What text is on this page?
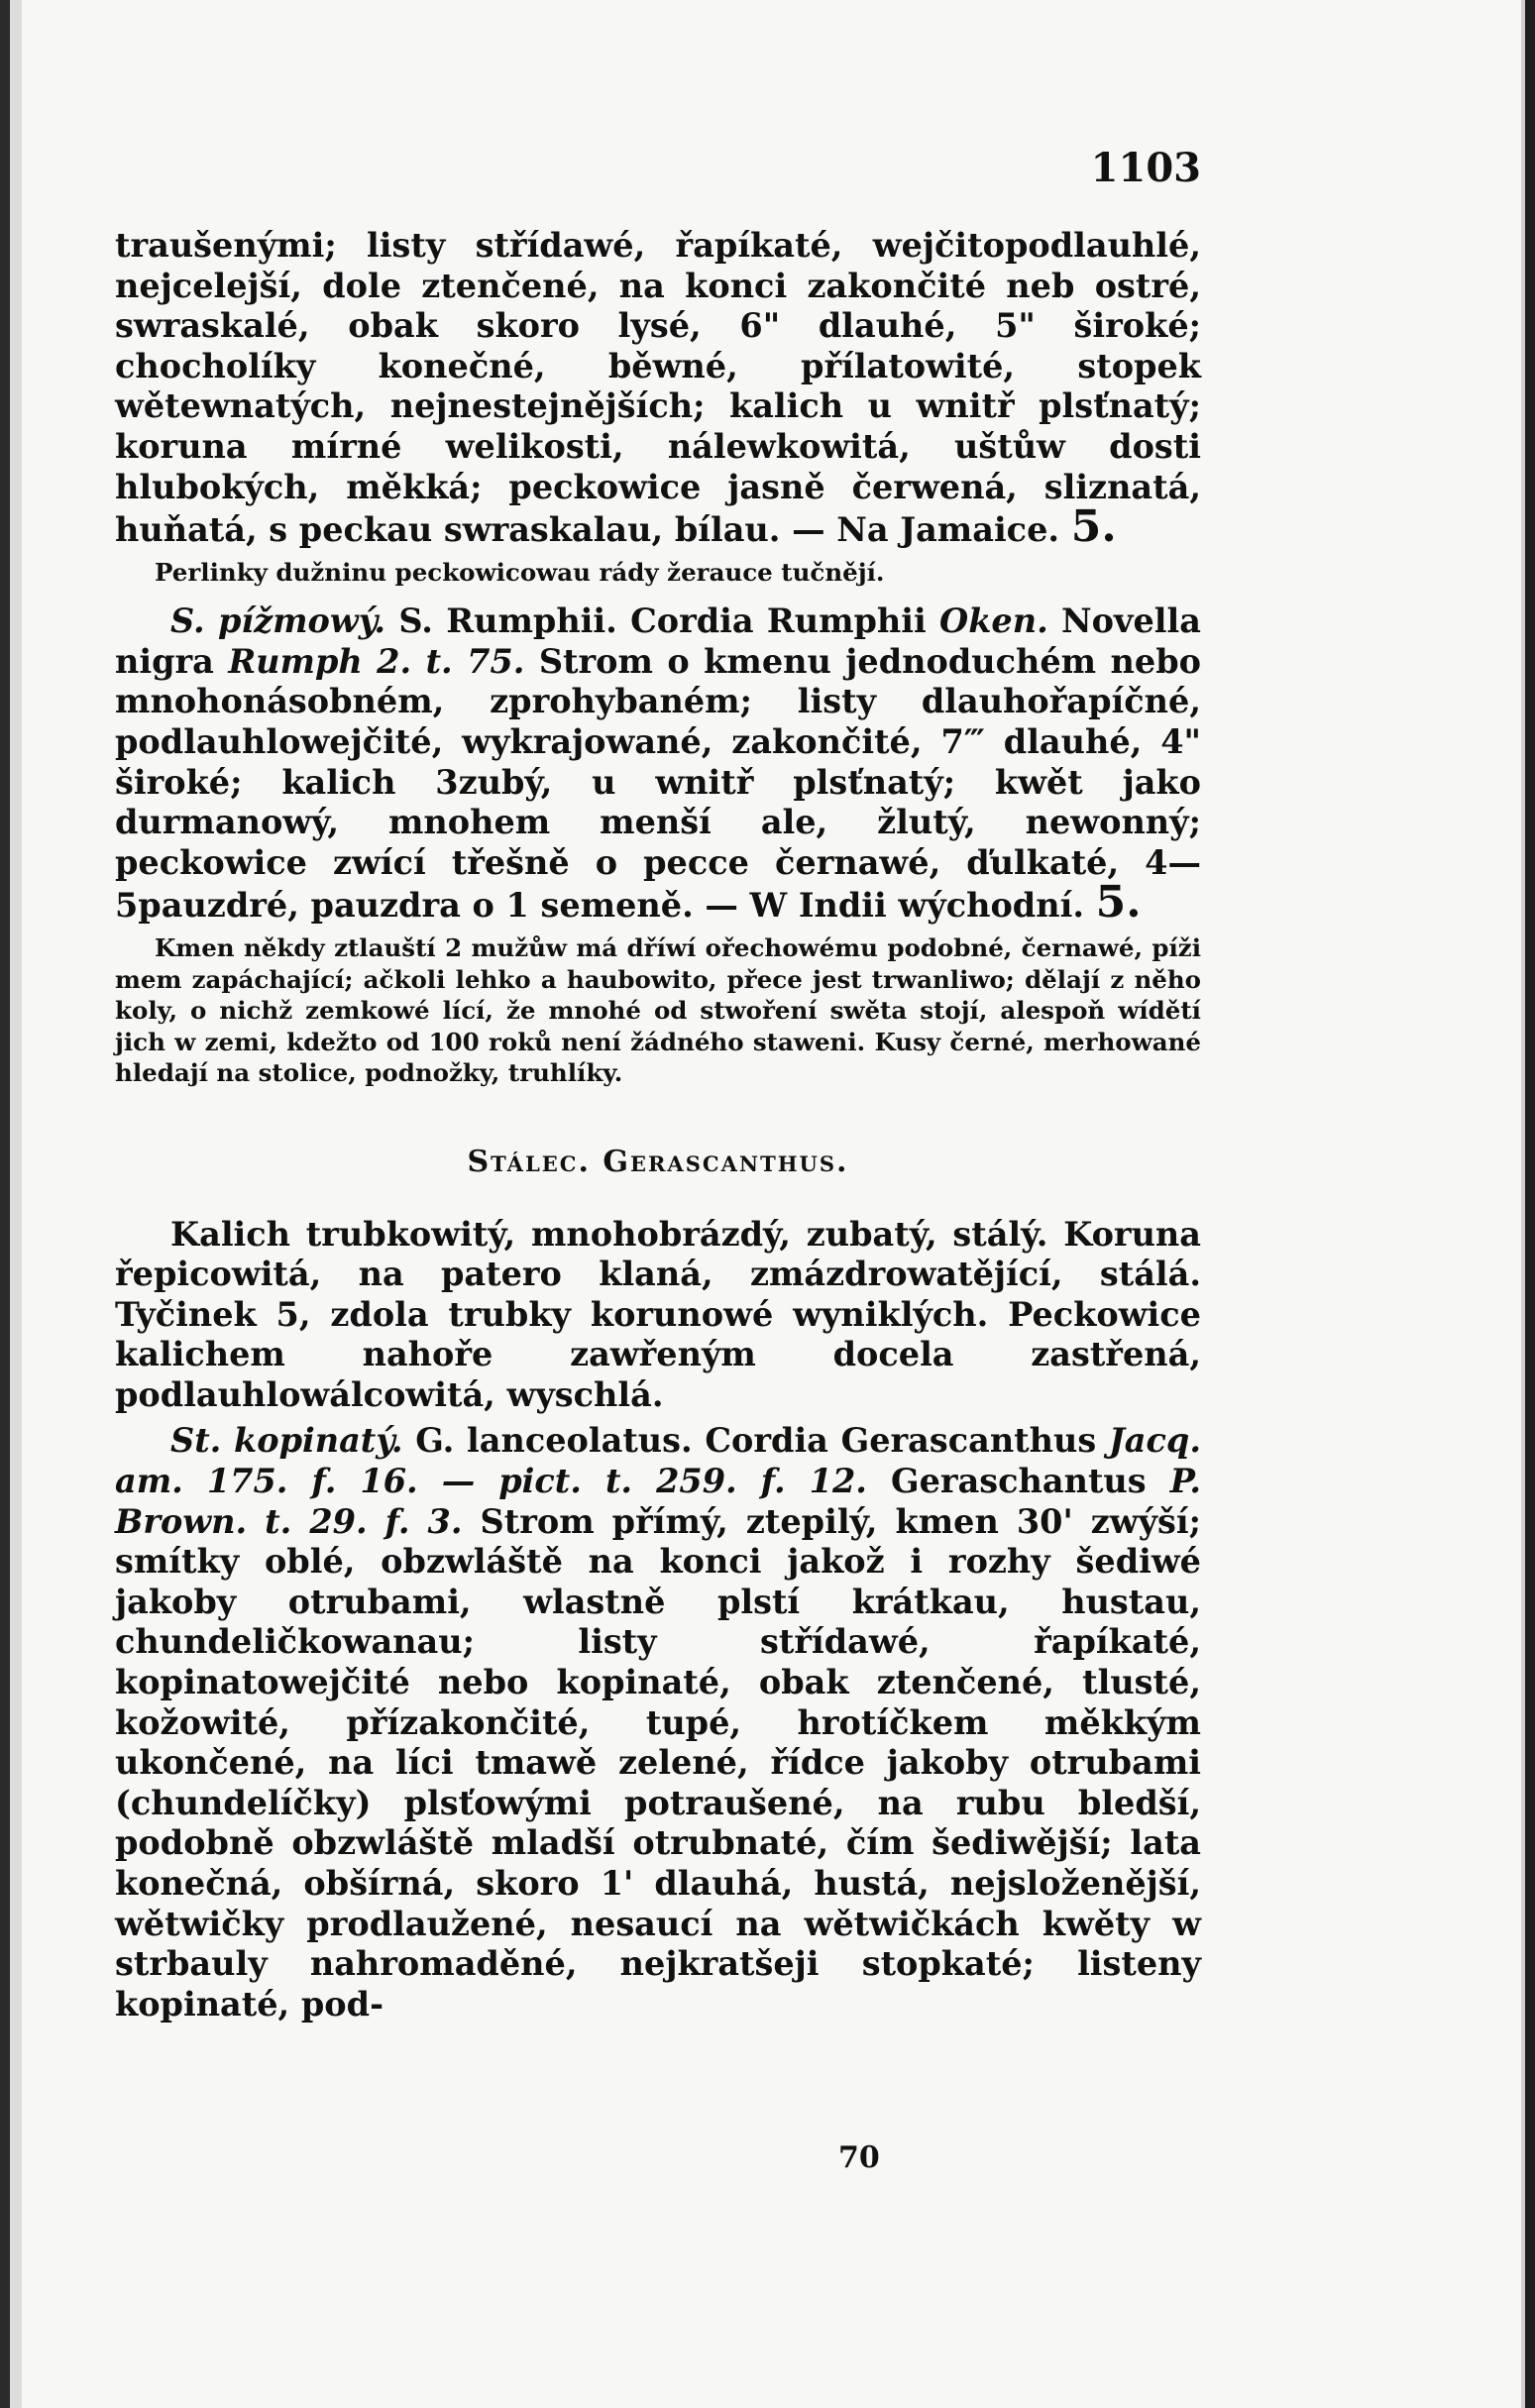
1103

traušenými; listy střídawé, řapíkaté, wejčitopodlauhlé, nejcelejší, dole ztenčené, na konci zakončité neb ostré, swraskalé, obak skoro lysé, 6" dlauhé, 5" široké; chocholíky konečné, běwné, přílatowité, stopek wětewnatých, nejnestejnějších; kalich u wnitř plsťnatý; koruna mírné welikosti, nálewkowitá, uštůw dosti hlubokých, měkká; peckowice jasně čerwená, sliznatá, huňatá, s peckau swraskalau, bílau. — Na Jamaice. 5.

Perlinky dužninu peckowicowau rády žerauce tučnějí.

S. pížmowý. S. Rumphii. Cordia Rumphii Oken. Novella nigra Rumph 2. t. 75. Strom o kmenu jednoduchém nebo mnohonásobném, zprohybaném; listy dlauhořapíčné, podlauhlowejčité, wykrajowané, zakončité, 7‴ dlauhé, 4" široké; kalich 3zubý, u wnitř plsťnatý; kwět jako durmanowý, mnohem menší ale, žlutý, newonný; peckowice zwící třešně o pecce černawé, ďulkaté, 4—5pauzdré, pauzdra o 1 semeně. — W Indii wýchodní. 5.

Kmen někdy ztlauští 2 mužůw má dříwí ořechowému podobné, černawé, píži mem zapáchající; ačkoli lehko a haubowito, přece jest trwanliwo; dělají z něho koly, o nichž zemkowé lící, že mnohé od stwoření swěta stojí, alespoň wídětí jich w zemi, kdežto od 100 roků není žádného staweni. Kusy černé, merhowané hledají na stolice, podnožky, truhlíky.

Stálec. Gerascanthus.

Kalich trubkowitý, mnohobrázdý, zubatý, stálý. Koruna řepicowitá, na patero klaná, zmázdrowatějící, stálá. Tyčinek 5, zdola trubky korunowé wyniklých. Peckowice kalichem nahoře zawřeným docela zastřená, podlauhlowálcowitá, wyschlá.

St. kopinatý. G. lanceolatus. Cordia Gerascanthus Jacq. am. 175. f. 16. — pict. t. 259. f. 12. Geraschantus P. Brown. t. 29. f. 3. Strom přímý, ztepilý, kmen 30' zwýší; smítky oblé, obzwláště na konci jakož i rozhy šediwé jakoby otrubami, wlastně plstí krátkau, hustau, chundeličkowanau; listy střídawé, řapíkaté, kopinatowejčité nebo kopinaté, obak ztenčené, tlusté, kožowité, přízakončité, tupé, hrotíčkem měkkým ukončené, na líci tmawě zelené, řídce jakoby otrubami (chundelíčky) plsťowými potraušené, na rubu bledší, podobně obzwláště mladší otrubnaté, čím šediwější; lata konečná, obšírná, skoro 1' dlauhá, hustá, nejsloženější, wětwičky prodlaužené, nesaucí na wětwičkách kwěty w strbauly nahromaděné, nejkratšeji stopkaté; listeny kopinaté, pod-

70
